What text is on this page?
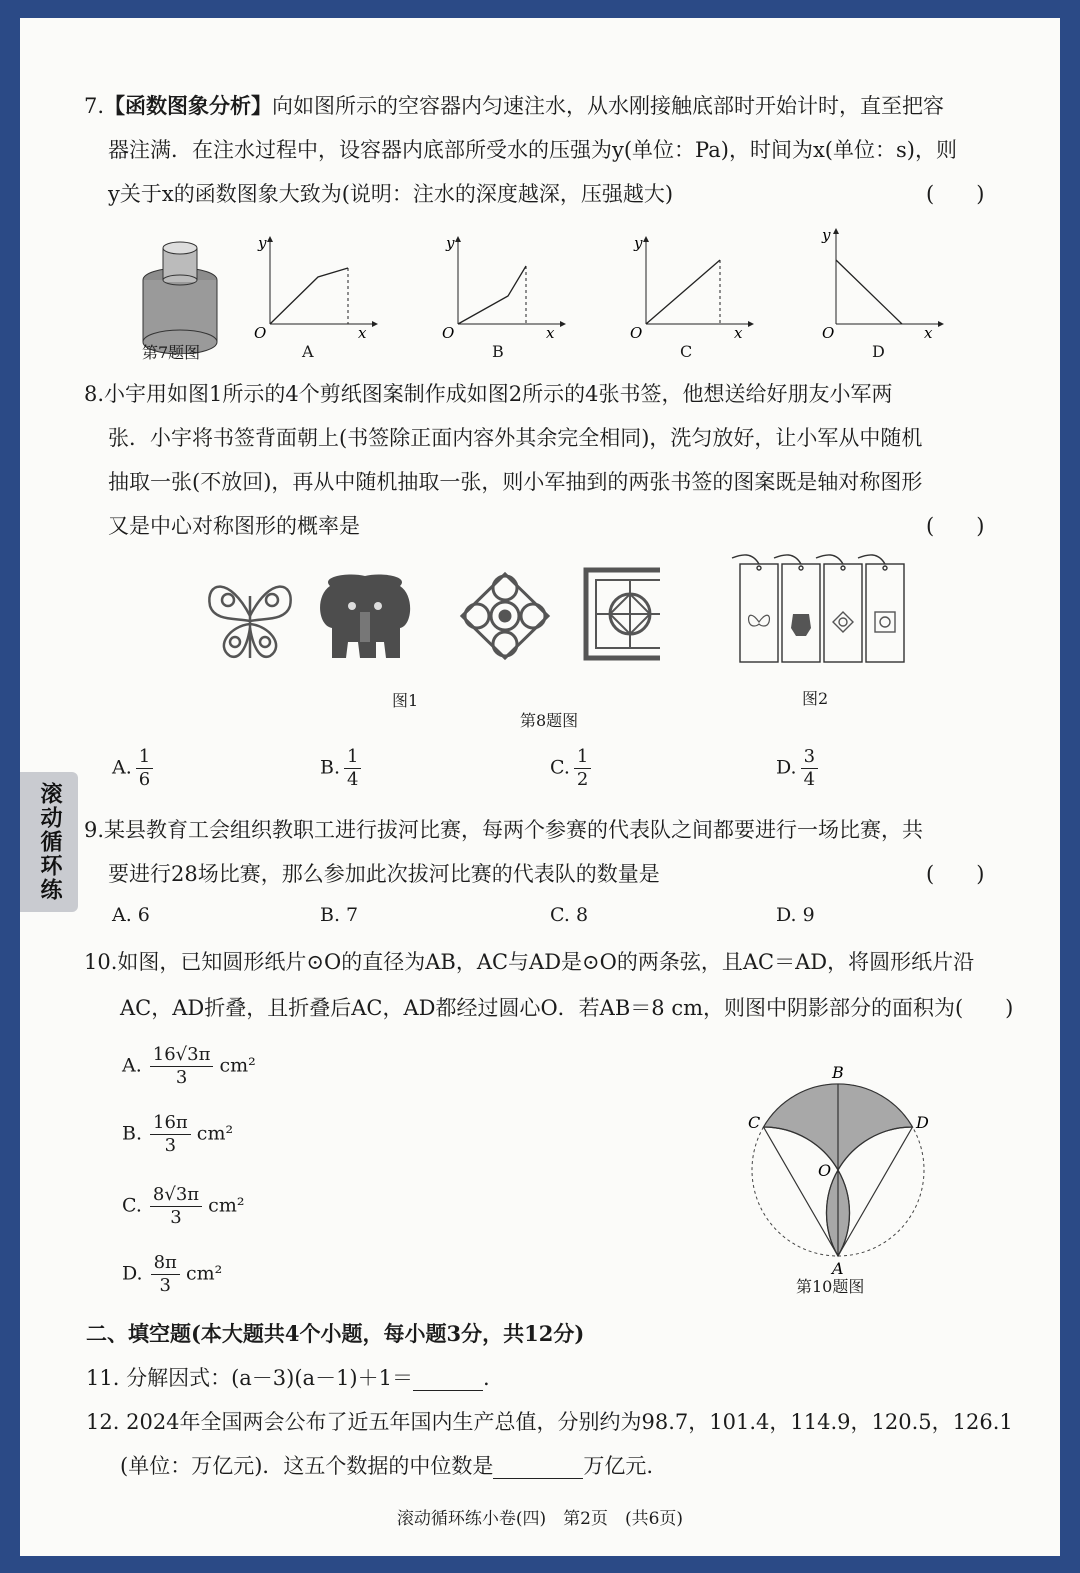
7.【函数图象分析】向如图所示的空容器内匀速注水，从水刚接触底部时开始计时，直至把容
器注满．在注水过程中，设容器内底部所受水的压强为y(单位：Pa)，时间为x(单位：s)，则
y关于x的函数图象大致为(说明：注水的深度越深，压强越大)	(　　)
第7题图
y
x
O
A
y
x
O
B
y
x
O
C
y
x
O
D
8.小宇用如图1所示的4个剪纸图案制作成如图2所示的4张书签，他想送给好朋友小军两
张．小宇将书签背面朝上(书签除正面内容外其余完全相同)，洗匀放好，让小军从中随机
抽取一张(不放回)，再从中随机抽取一张，则小军抽到的两张书签的图案既是轴对称图形
又是中心对称图形的概率是	(　　)
图1	图2
第8题图
A. $\frac{1}{6}$	B. $\frac{1}{4}$	C. $\frac{1}{2}$	D. $\frac{3}{4}$
9.某县教育工会组织教职工进行拔河比赛，每两个参赛的代表队之间都要进行一场比赛，共
要进行28场比赛，那么参加此次拔河比赛的代表队的数量是	(　　)
A. 6	B. 7	C. 8	D. 9
10.如图，已知圆形纸片⊙O的直径为AB，AC与AD是⊙O的两条弦，且AC＝AD，将圆形纸片沿
AC，AD折叠，且折叠后AC，AD都经过圆心O．若AB＝8 cm，则图中阴影部分的面积为(　　)
A. $\frac{16√3\pi}{3} cm^2$
B. $\frac{16\pi}{3} cm^2$
C. $\frac{8√3\pi}{3} cm^2$
D. $\frac{8\pi}{3} cm^2$
B
C	D
O
A
第10题图
二、填空题(本大题共4个小题，每小题3分，共12分)
11. 分解因式：(a－3)(a－1)＋1＝	.
12. 2024年全国两会公布了近五年国内生产总值，分别约为98.7，101.4，114.9，120.5，126.1
(单位：万亿元)．这五个数据的中位数是	万亿元.
滚动循环练小卷(四)　第2页　(共6页)
滚动循环练
